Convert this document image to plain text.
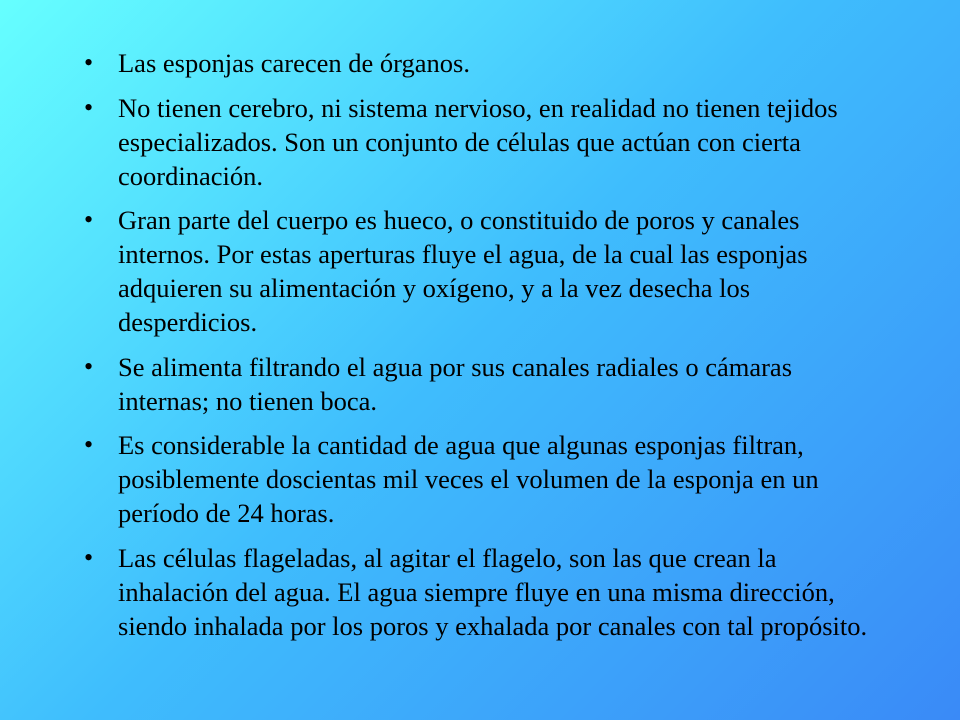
• Las esponjas carecen de órganos.
• No tienen cerebro, ni sistema nervioso, en realidad no tienen tejidos especializados. Son un conjunto de células que actúan con cierta coordinación.
• Gran parte del cuerpo es hueco, o constituido de poros y canales internos. Por estas aperturas fluye el agua, de la cual las esponjas adquieren su alimentación y oxígeno, y a la vez desecha los desperdicios.
• Se alimenta filtrando el agua por sus canales radiales o cámaras internas; no tienen boca.
• Es considerable la cantidad de agua que algunas esponjas filtran, posiblemente doscientas mil veces el volumen de la esponja en un período de 24 horas.
• Las células flageladas, al agitar el flagelo, son las que crean la inhalación del agua. El agua siempre fluye en una misma dirección, siendo inhalada por los poros y exhalada por canales con tal propósito.
